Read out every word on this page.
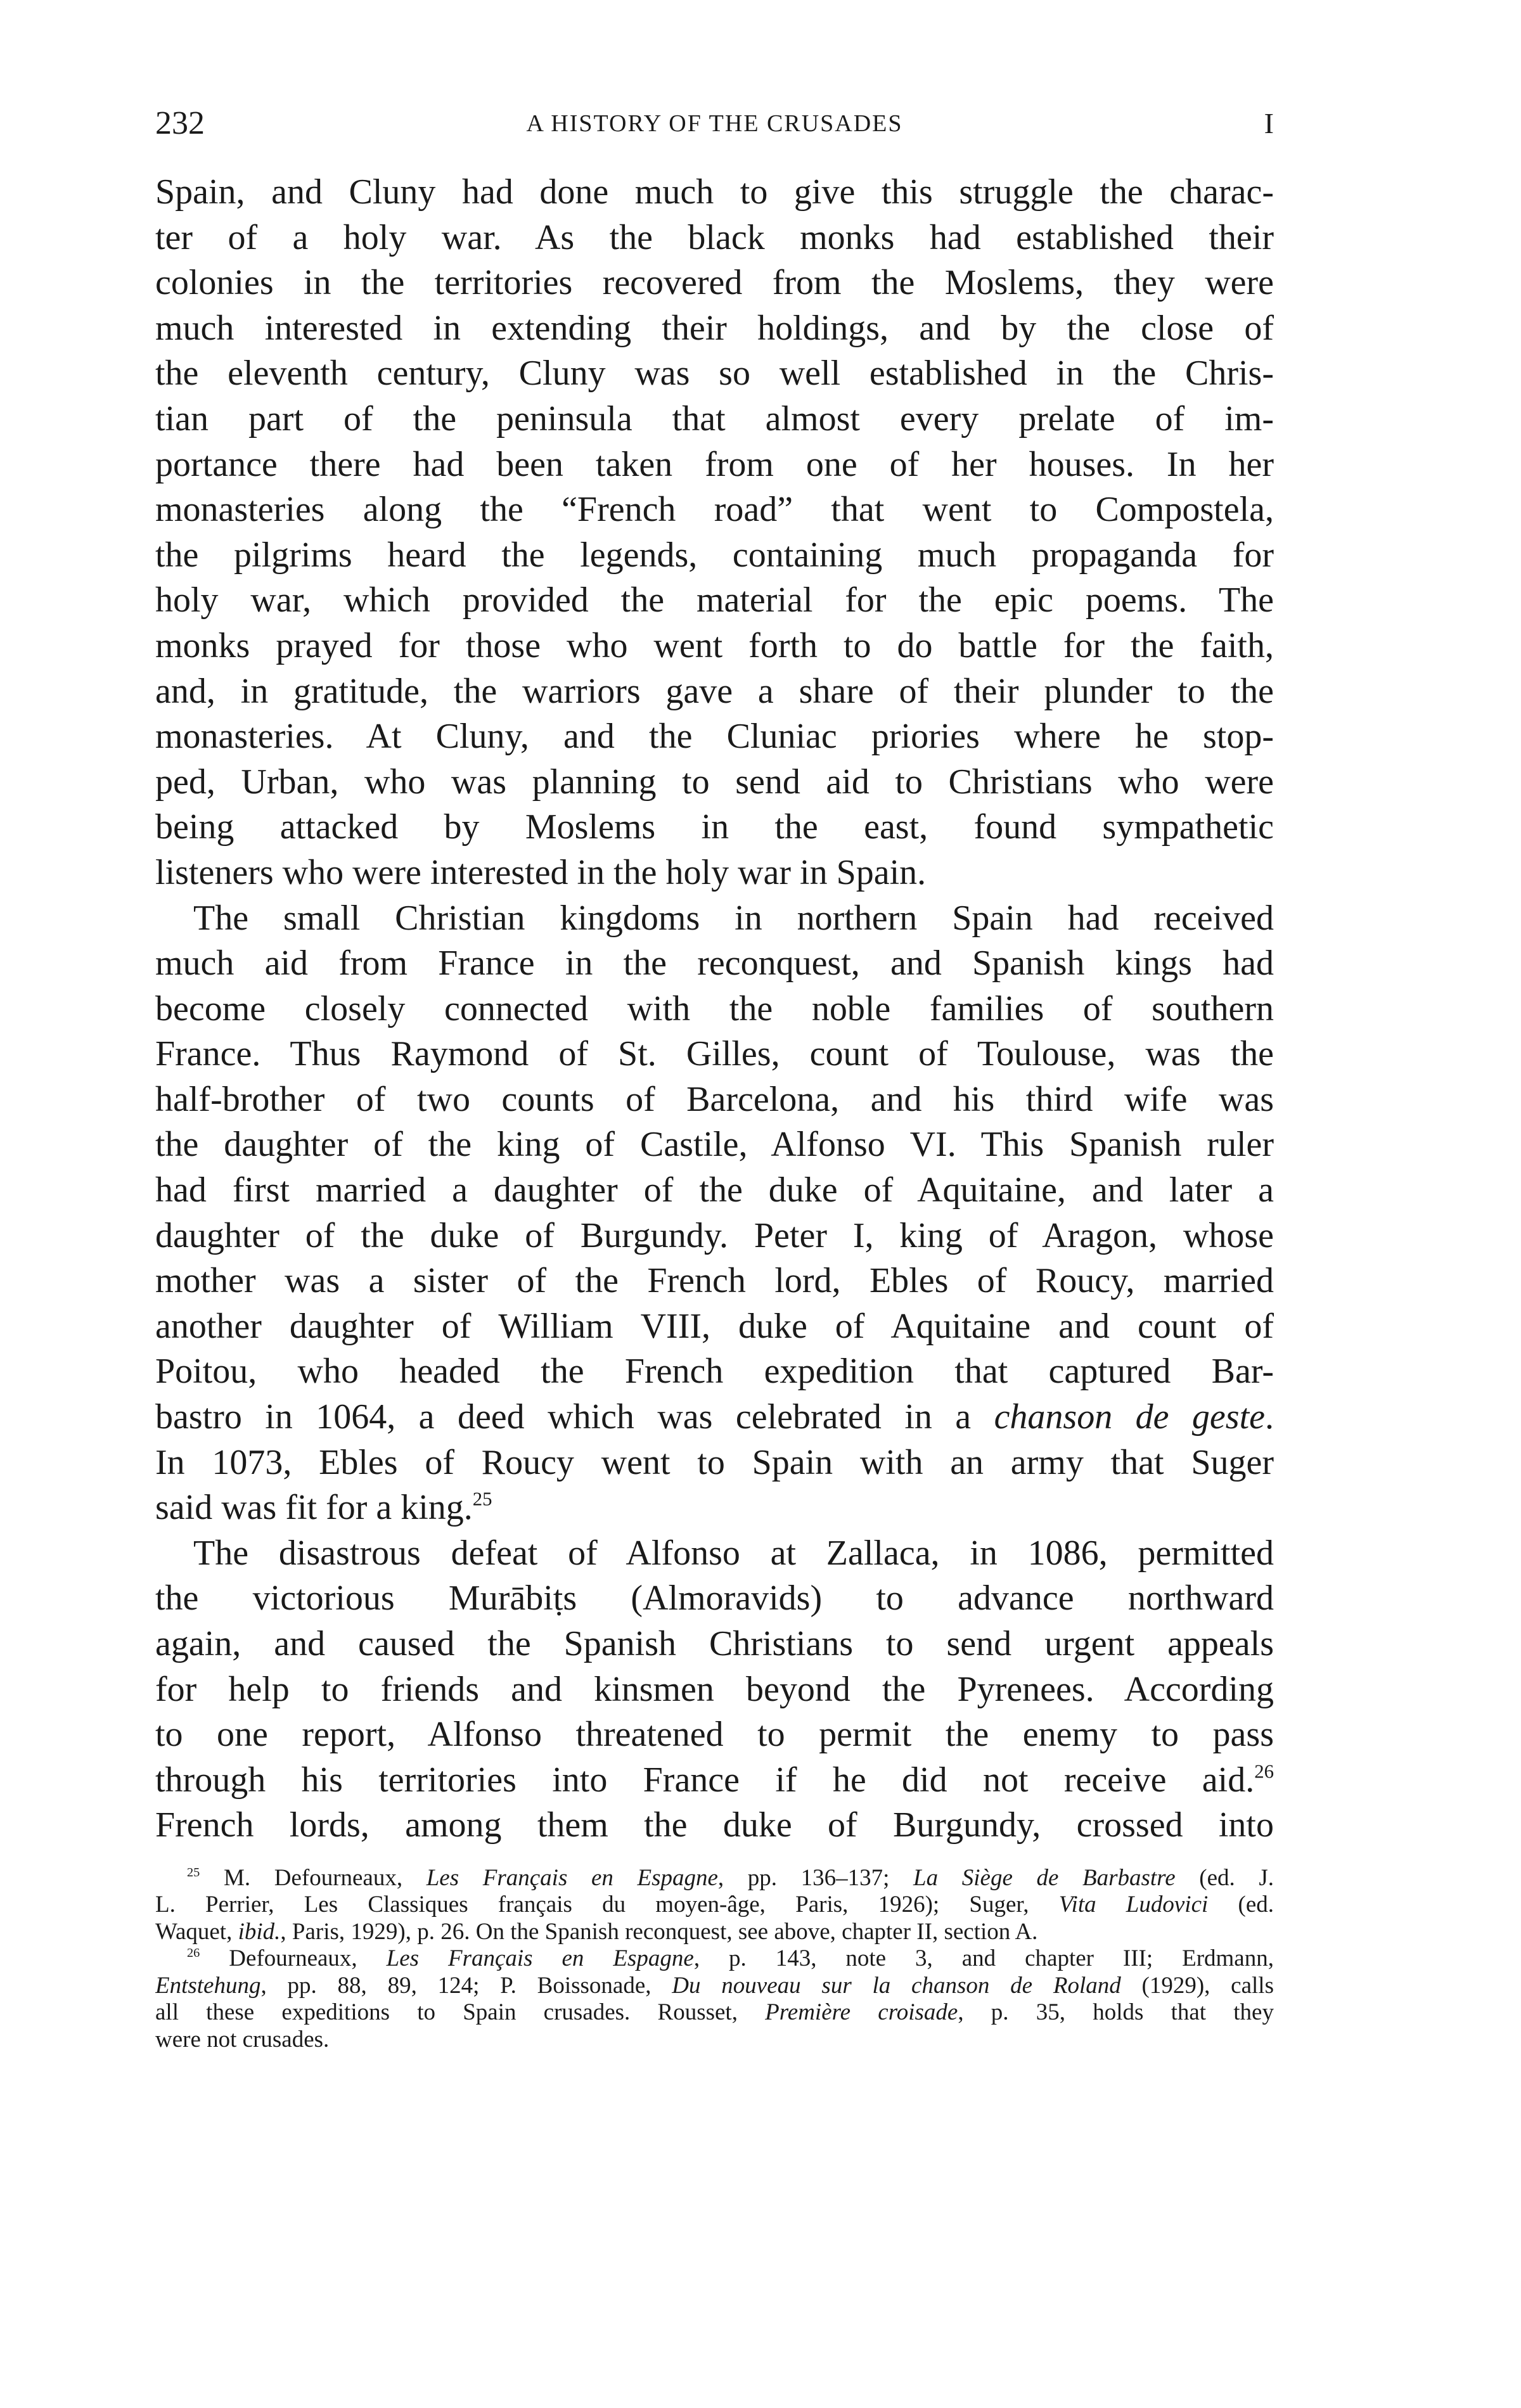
232	A HISTORY OF THE CRUSADES	I

Spain, and Cluny had done much to give this struggle the charac-
ter of a holy war. As the black monks had established their
colonies in the territories recovered from the Moslems, they were
much interested in extending their holdings, and by the close of
the eleventh century, Cluny was so well established in the Chris-
tian part of the peninsula that almost every prelate of im-
portance there had been taken from one of her houses. In her
monasteries along the “French road” that went to Compostela,
the pilgrims heard the legends, containing much propaganda for
holy war, which provided the material for the epic poems. The
monks prayed for those who went forth to do battle for the faith,
and, in gratitude, the warriors gave a share of their plunder to the
monasteries. At Cluny, and the Cluniac priories where he stop-
ped, Urban, who was planning to send aid to Christians who were
being attacked by Moslems in the east, found sympathetic
listeners who were interested in the holy war in Spain.

The small Christian kingdoms in northern Spain had received
much aid from France in the reconquest, and Spanish kings had
become closely connected with the noble families of southern
France. Thus Raymond of St. Gilles, count of Toulouse, was the
half-brother of two counts of Barcelona, and his third wife was
the daughter of the king of Castile, Alfonso VI. This Spanish ruler
had first married a daughter of the duke of Aquitaine, and later a
daughter of the duke of Burgundy. Peter I, king of Aragon, whose
mother was a sister of the French lord, Ebles of Roucy, married
another daughter of William VIII, duke of Aquitaine and count of
Poitou, who headed the French expedition that captured Bar-
bastro in 1064, a deed which was celebrated in a chanson de geste.
In 1073, Ebles of Roucy went to Spain with an army that Suger
said was fit for a king.$^{25}$

The disastrous defeat of Alfonso at Zallaca, in 1086, permitted
the victorious Murābiṭs (Almoravids) to advance northward
again, and caused the Spanish Christians to send urgent appeals
for help to friends and kinsmen beyond the Pyrenees. According
to one report, Alfonso threatened to permit the enemy to pass
through his territories into France if he did not receive aid.$^{26}$
French lords, among them the duke of Burgundy, crossed into

$^{25}$ M. Defourneaux, Les Français en Espagne, pp. 136–137; La Siège de Barbastre (ed. J.
L. Perrier, Les Classiques français du moyen-âge, Paris, 1926); Suger, Vita Ludovici (ed.
Waquet, ibid., Paris, 1929), p. 26. On the Spanish reconquest, see above, chapter II, section A.
$^{26}$ Defourneaux, Les Français en Espagne, p. 143, note 3, and chapter III; Erdmann,
Entstehung, pp. 88, 89, 124; P. Boissonade, Du nouveau sur la chanson de Roland (1929), calls
all these expeditions to Spain crusades. Rousset, Première croisade, p. 35, holds that they
were not crusades.
